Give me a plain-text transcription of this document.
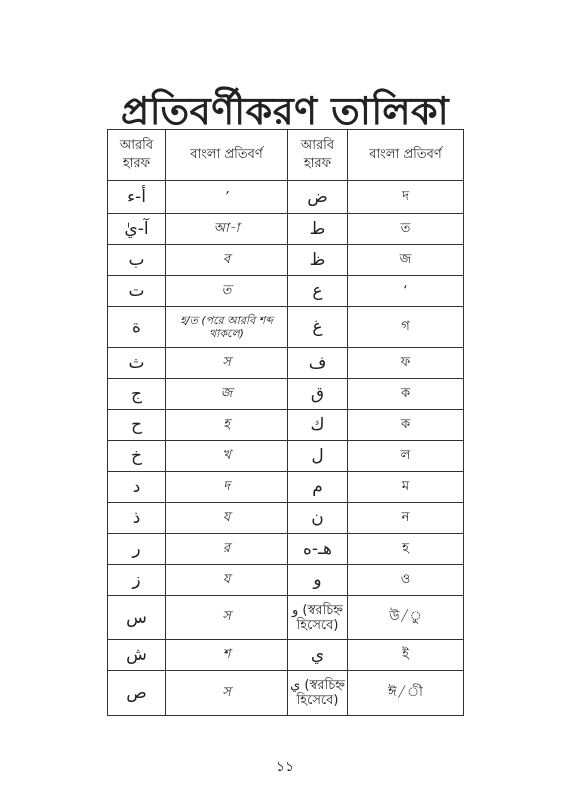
প্রতিবর্ণীকরণ তালিকা
আরবি হারফ	বাংলা প্রতিবর্ণ	আরবি হারফ	বাংলা প্রতিবর্ণ
أ-ء	’	ض	দ
آ-يٰ	আ-া	ط	ত
ب	ব	ظ	জ
ت	ত	ع	‘
ة	হ/ত (পরে আরবি শব্দ থাকলে)	غ	গ
ث	স	ف	ফ
ج	জ	ق	ক
ح	হ	ك	ক
خ	খ	ل	ল
د	দ	م	ম
ذ	য	ن	ন
ر	র	هـ-ه	হ
ز	য	و	ও
س	স	و (স্বরচিহ্ন হিসেবে)	উ/ু
ش	শ	ي	ই
ص	স	ي (স্বরচিহ্ন হিসেবে)	ঈ/ী
১১
